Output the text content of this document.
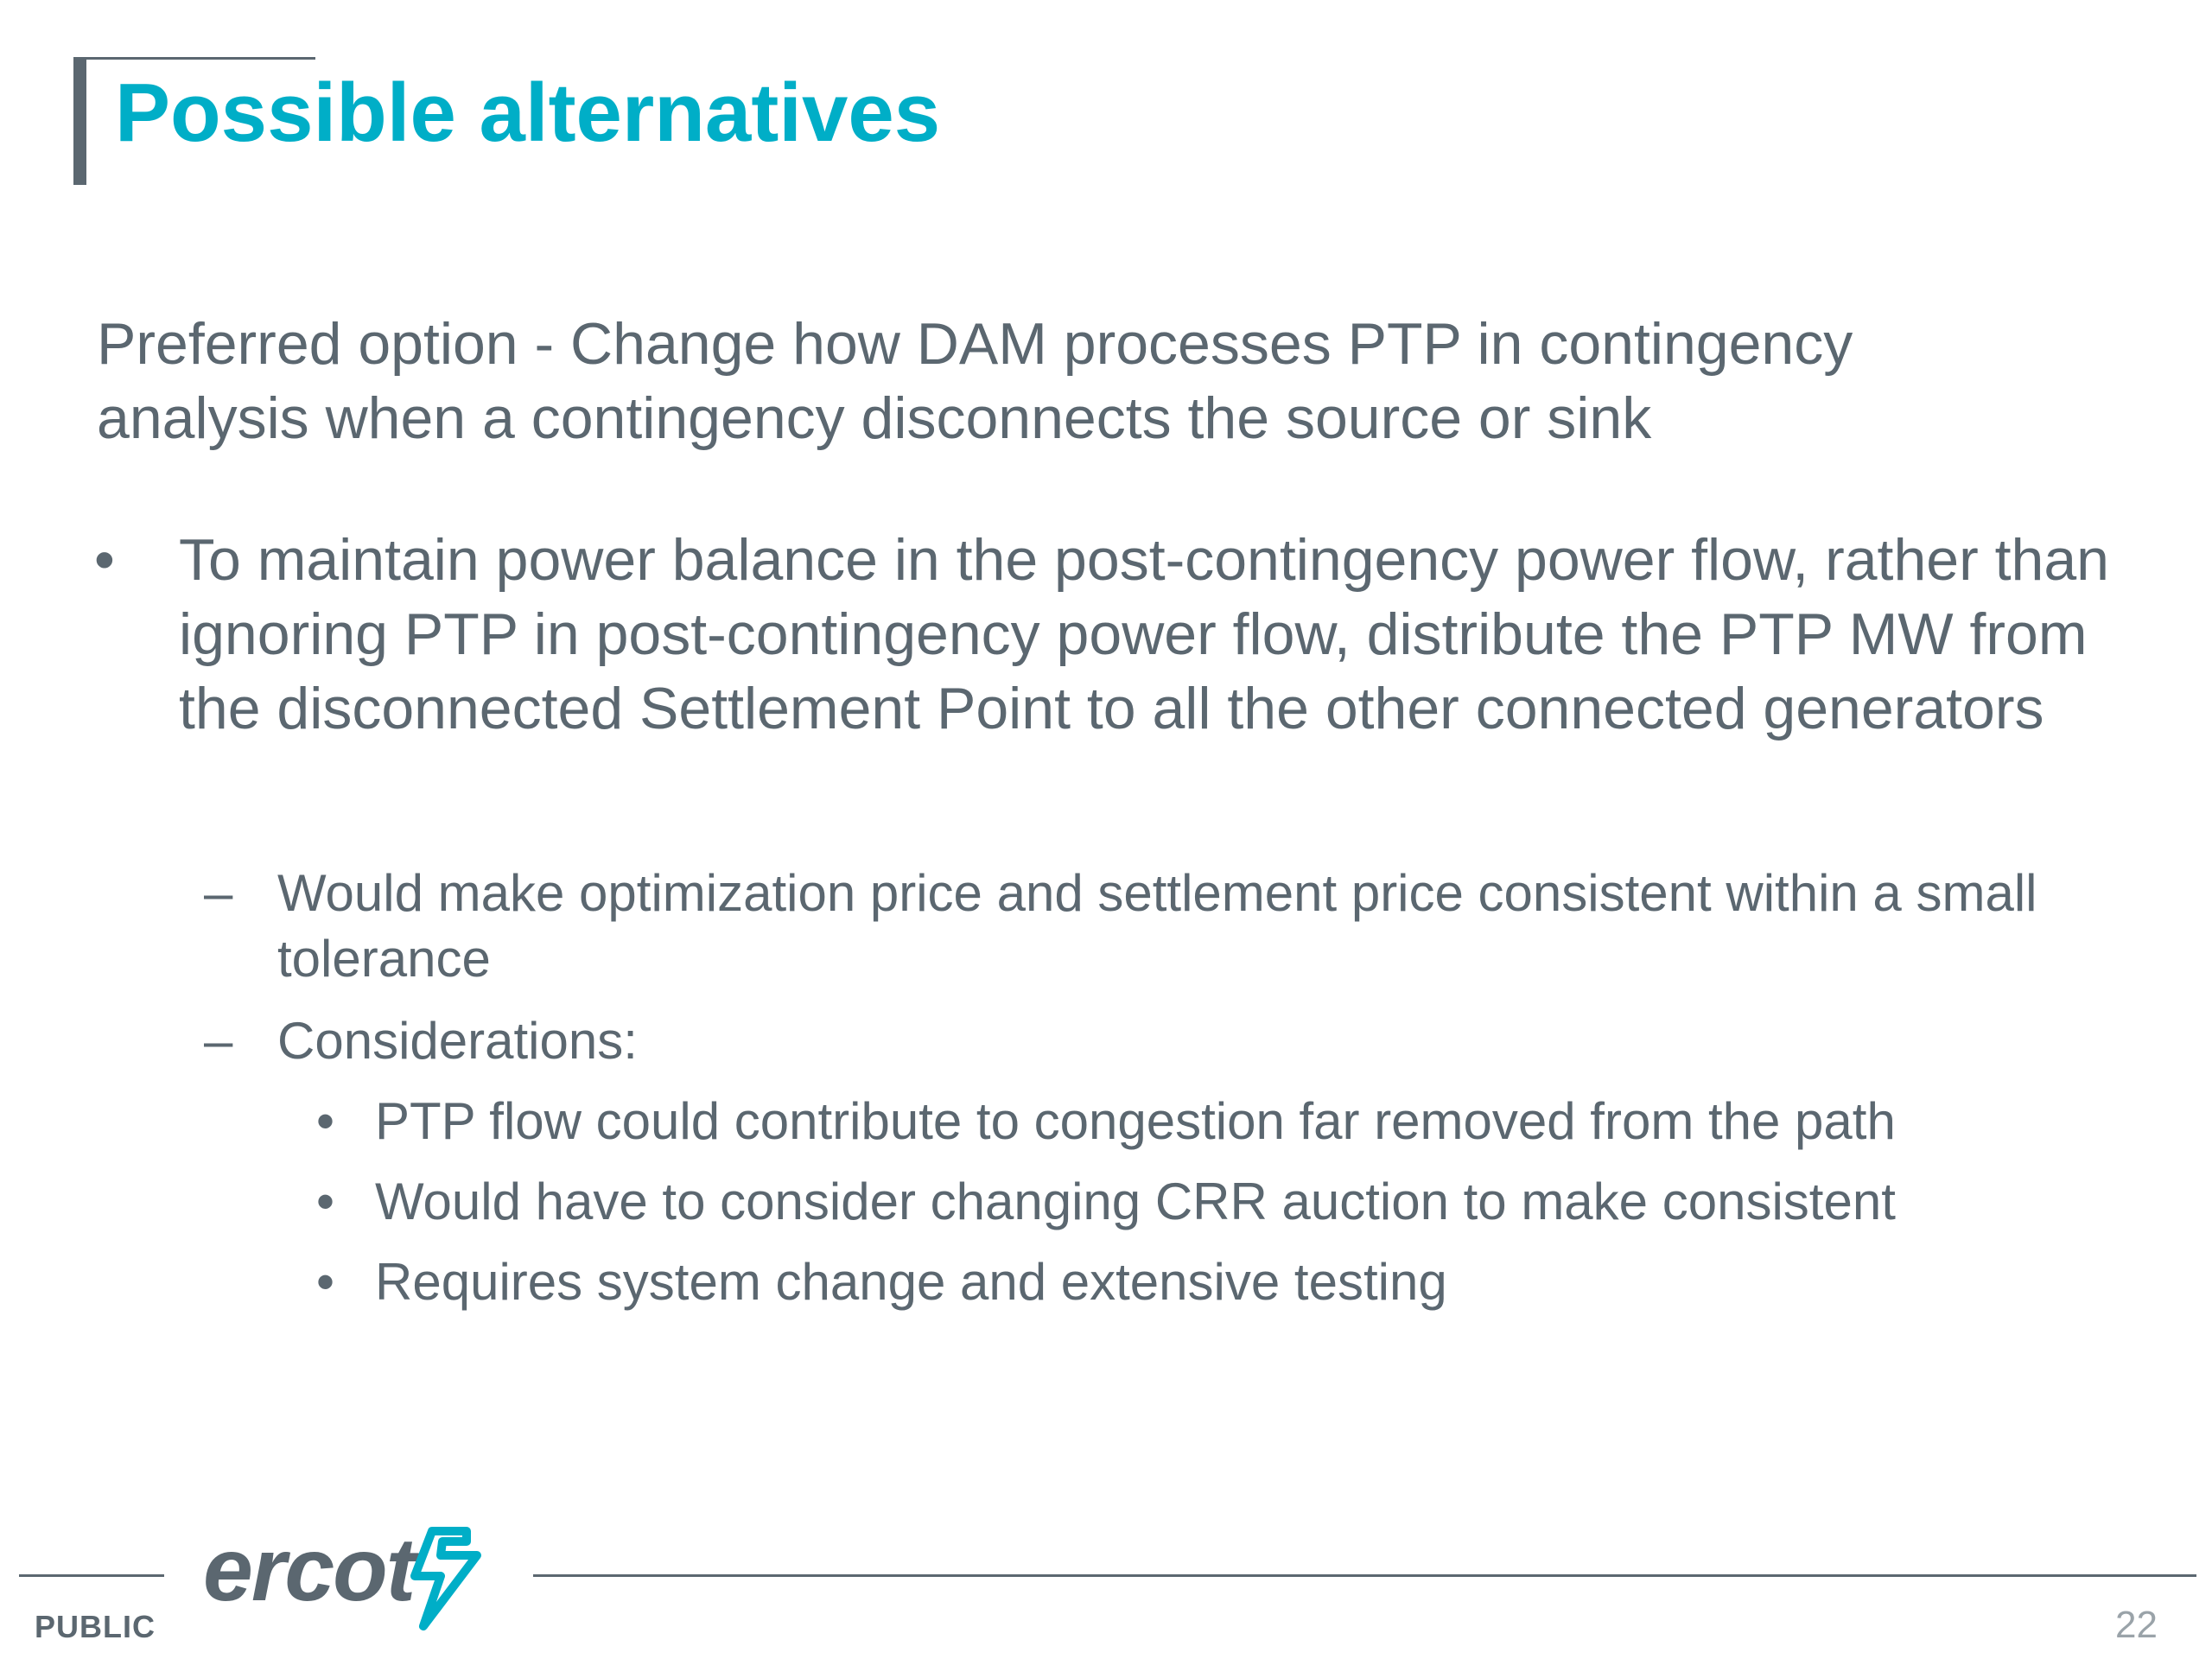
Possible alternatives

Preferred option - Change how DAM processes PTP in contingency analysis when a contingency disconnects the source or sink

• To maintain power balance in the post-contingency power flow, rather than ignoring PTP in post-contingency power flow, distribute the PTP MW from the disconnected Settlement Point to all the other connected generators
– Would make optimization price and settlement price consistent within a small tolerance
– Considerations:
• PTP flow could contribute to congestion far removed from the path
• Would have to consider changing CRR auction to make consistent
• Requires system change and extensive testing
ercot
PUBLIC	22
